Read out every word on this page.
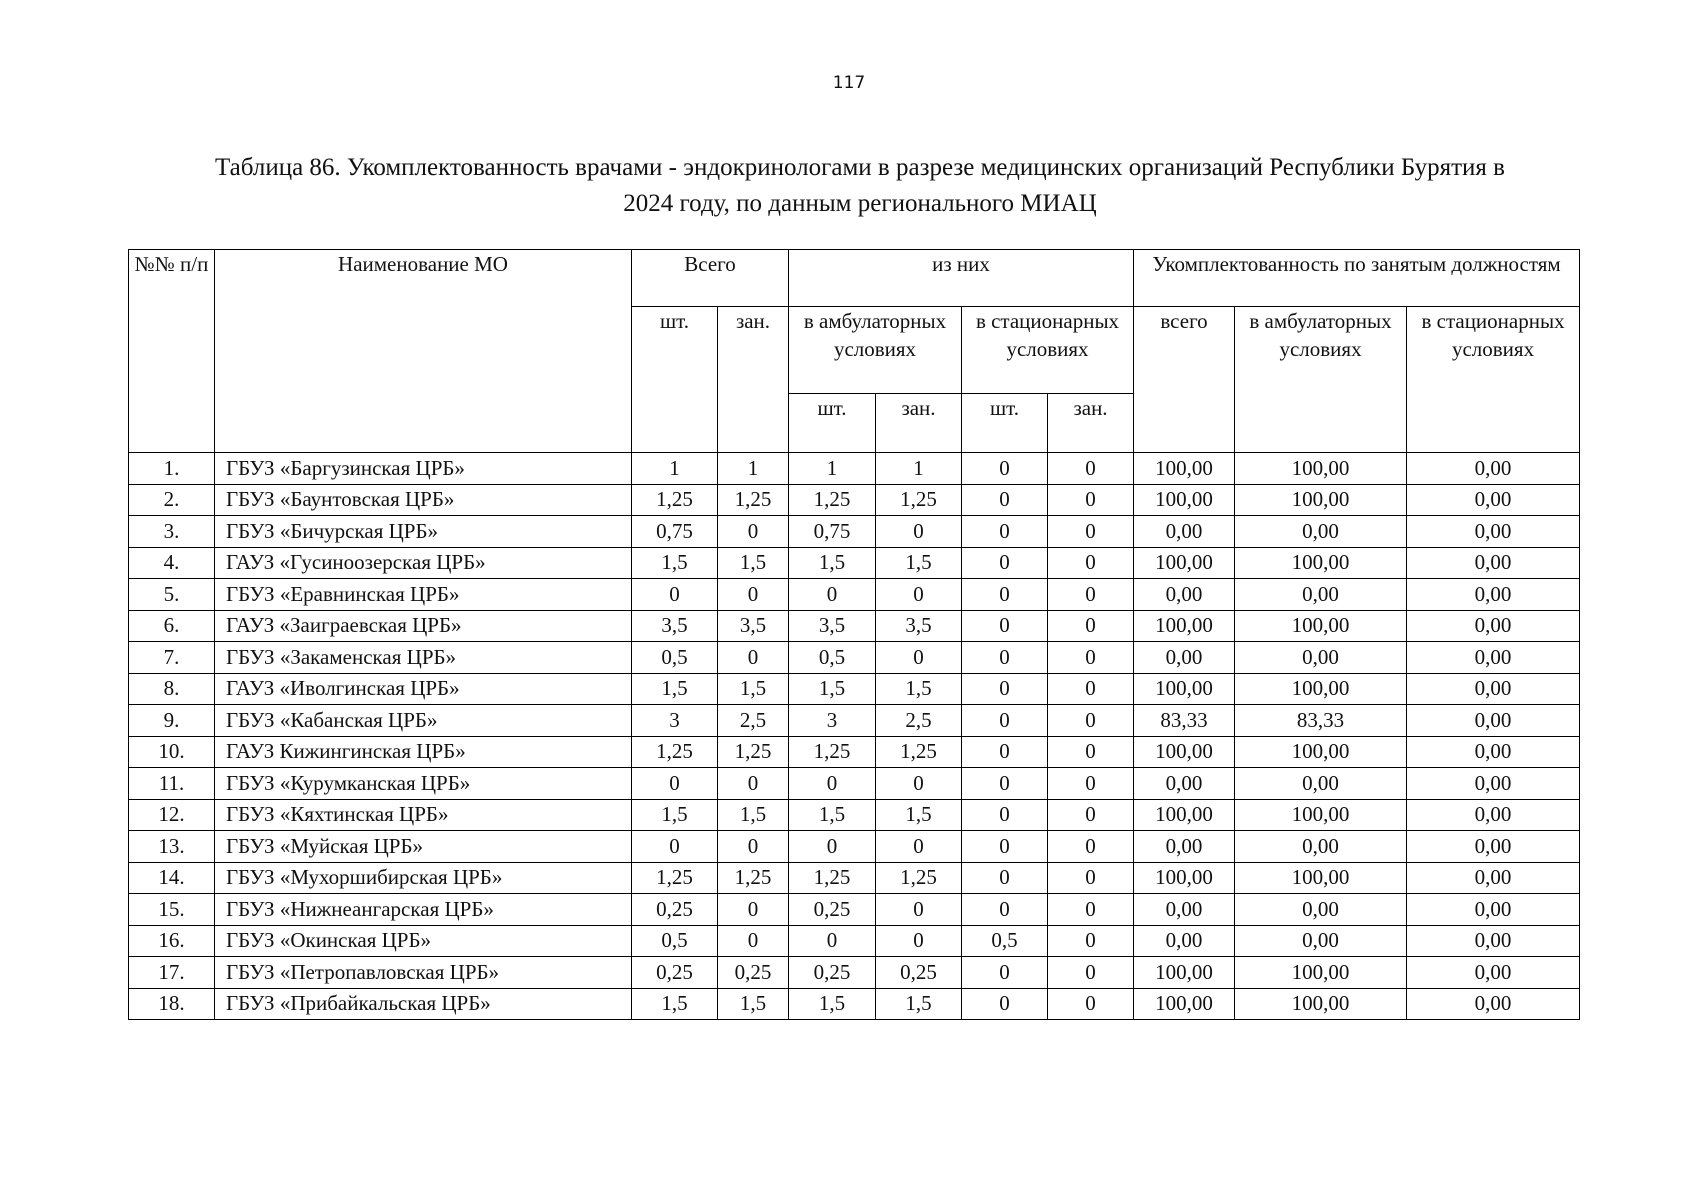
117
Таблица 86. Укомплектованность врачами - эндокринологами в разрезе медицинских организаций Республики Бурятия в
2024 году, по данным регионального МИАЦ
№№ п/п	Наименование МО	Всего		из них				Укомплектованность по занятым должностям		
		шт.	зан.	в амбулаторных условиях		в стационарных условиях		всего	в амбулаторных условиях	в стационарных условиях
				шт.	зан.	шт.	зан.			
1.	ГБУЗ «Баргузинская ЦРБ»	1	1	1	1	0	0	100,00	100,00	0,00
2.	ГБУЗ «Баунтовская ЦРБ»	1,25	1,25	1,25	1,25	0	0	100,00	100,00	0,00
3.	ГБУЗ «Бичурская ЦРБ»	0,75	0	0,75	0	0	0	0,00	0,00	0,00
4.	ГАУЗ «Гусиноозерская ЦРБ»	1,5	1,5	1,5	1,5	0	0	100,00	100,00	0,00
5.	ГБУЗ «Еравнинская ЦРБ»	0	0	0	0	0	0	0,00	0,00	0,00
6.	ГАУЗ «Заиграевская ЦРБ»	3,5	3,5	3,5	3,5	0	0	100,00	100,00	0,00
7.	ГБУЗ «Закаменская ЦРБ»	0,5	0	0,5	0	0	0	0,00	0,00	0,00
8.	ГАУЗ «Иволгинская ЦРБ»	1,5	1,5	1,5	1,5	0	0	100,00	100,00	0,00
9.	ГБУЗ «Кабанская ЦРБ»	3	2,5	3	2,5	0	0	83,33	83,33	0,00
10.	ГАУЗ Кижингинская ЦРБ»	1,25	1,25	1,25	1,25	0	0	100,00	100,00	0,00
11.	ГБУЗ «Курумканская ЦРБ»	0	0	0	0	0	0	0,00	0,00	0,00
12.	ГБУЗ «Кяхтинская ЦРБ»	1,5	1,5	1,5	1,5	0	0	100,00	100,00	0,00
13.	ГБУЗ «Муйская ЦРБ»	0	0	0	0	0	0	0,00	0,00	0,00
14.	ГБУЗ «Мухоршибирская ЦРБ»	1,25	1,25	1,25	1,25	0	0	100,00	100,00	0,00
15.	ГБУЗ «Нижнеангарская ЦРБ»	0,25	0	0,25	0	0	0	0,00	0,00	0,00
16.	ГБУЗ «Окинская ЦРБ»	0,5	0	0	0	0,5	0	0,00	0,00	0,00
17.	ГБУЗ «Петропавловская ЦРБ»	0,25	0,25	0,25	0,25	0	0	100,00	100,00	0,00
18.	ГБУЗ «Прибайкальская ЦРБ»	1,5	1,5	1,5	1,5	0	0	100,00	100,00	0,00
